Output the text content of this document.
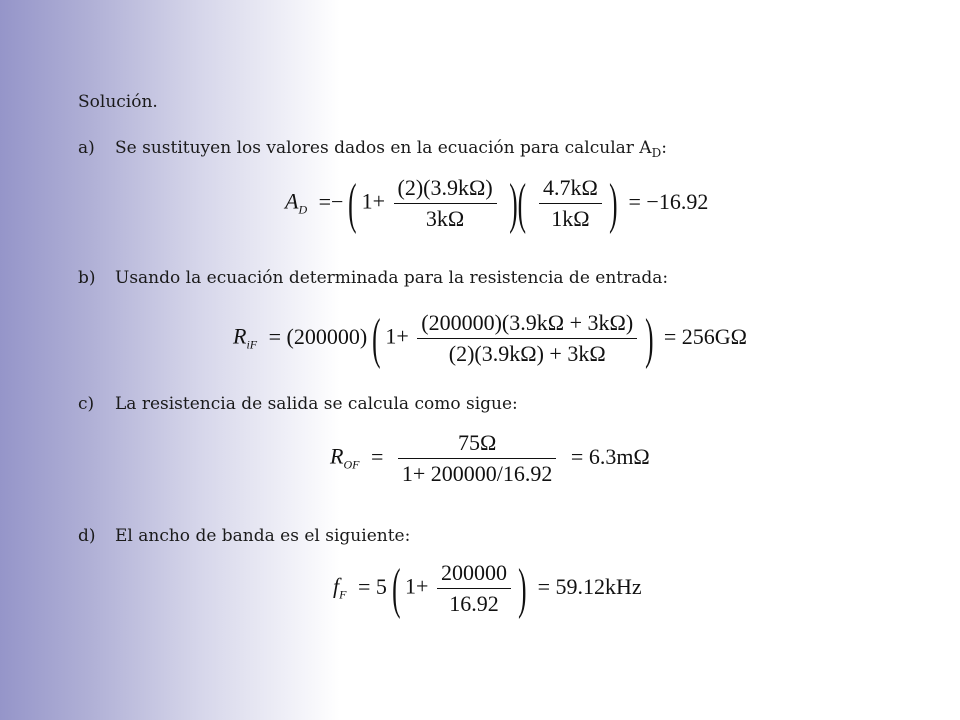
Solución.
a) Se sustituyen los valores dados en la ecuación para calcular $A_D$:
$A_D$ =−( $1+ \frac{(2)(3.9k\Omega)}{3k\Omega}$ )( $\frac{4.7k\Omega}{1k\Omega}$ ) = −16.92
b) Usando la ecuación determinada para la resistencia de entrada:
$R_{iF} = (200000)$( $1+ \frac{(200000)(3.9k\Omega + 3k\Omega)}{(2)(3.9k\Omega) + 3k\Omega}$ ) = 256GΩ
c) La resistencia de salida se calcula como sigue:
$R_{OF} = \frac{75\Omega}{1+ 200000/16.92} = 6.3m\Omega$
d) El ancho de banda es el siguiente:
$f_F = 5$( $1+ \frac{200000}{16.92}$ ) = 59.12kHz
